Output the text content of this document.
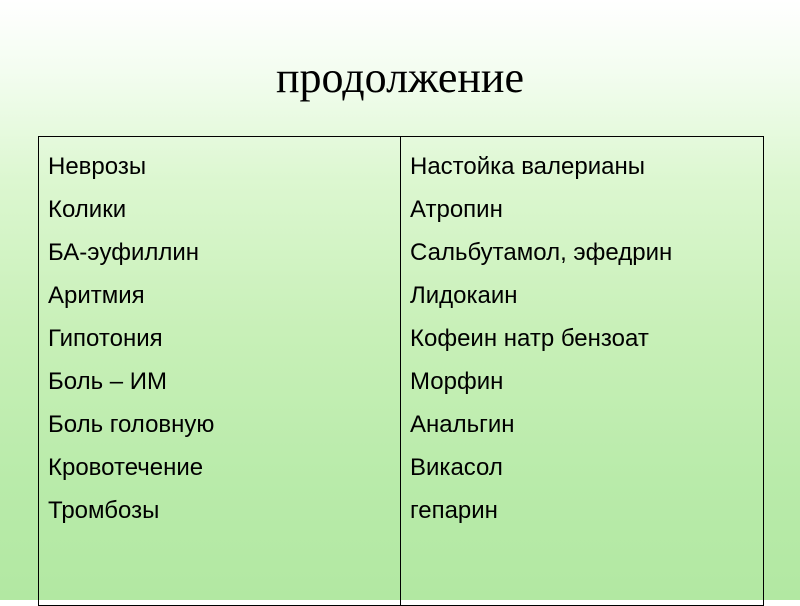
продолжение
Неврозы
Колики
БА-эуфиллин
Аритмия
Гипотония
Боль – ИМ
Боль головную
Кровотечение
Тромбозы
Настойка валерианы
Атропин
Сальбутамол, эфедрин
Лидокаин
Кофеин натр бензоат
Морфин
Анальгин
Викасол
гепарин
